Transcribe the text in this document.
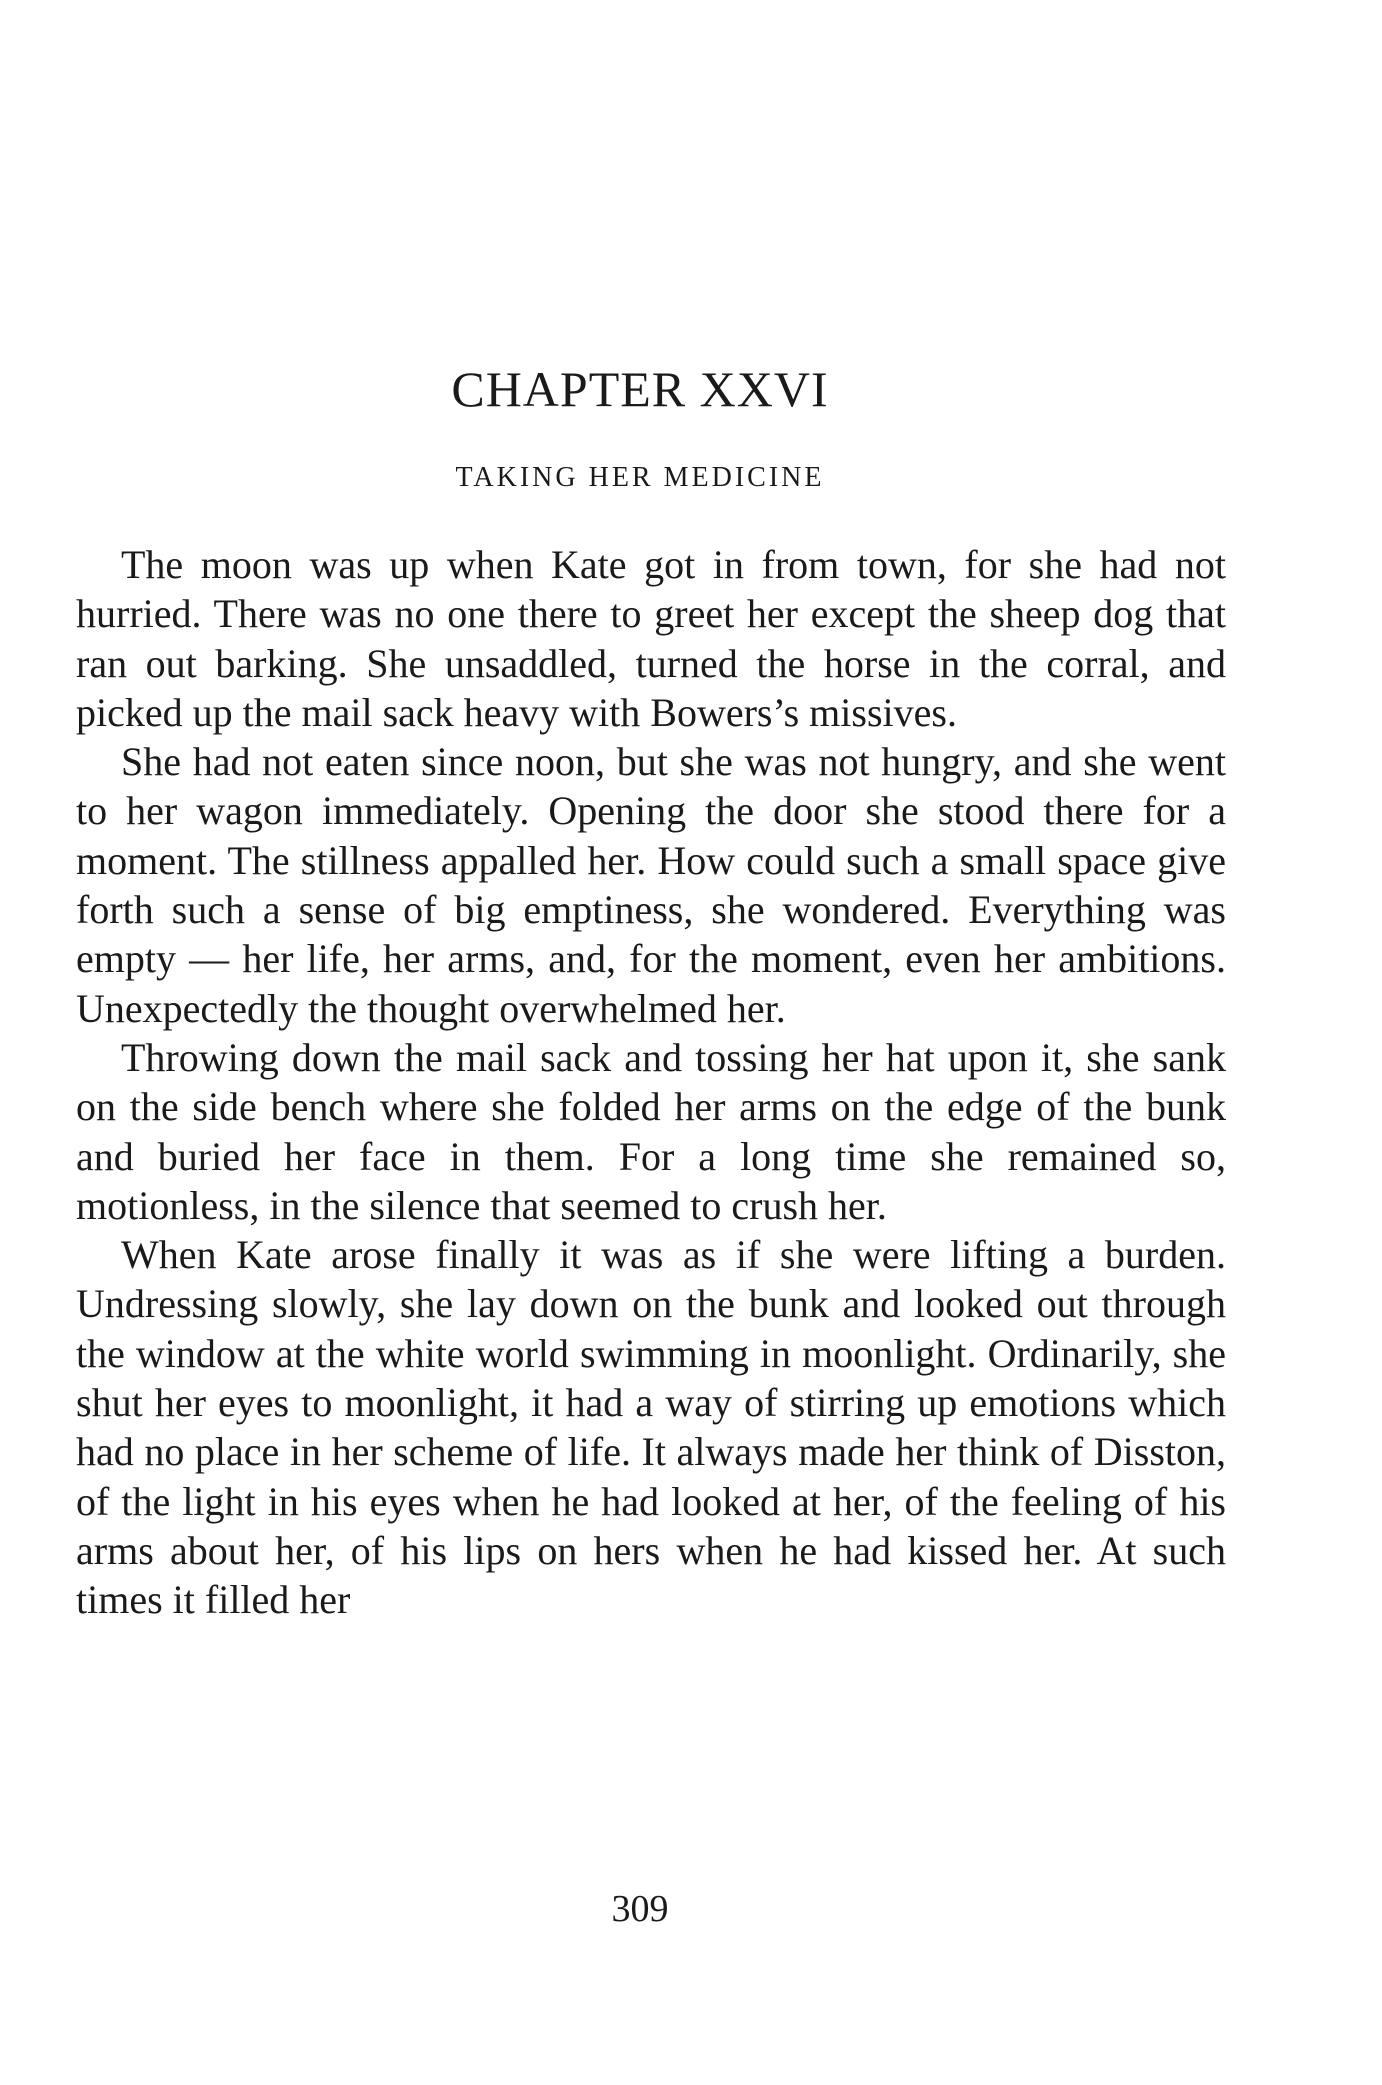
CHAPTER XXVI
TAKING HER MEDICINE

The moon was up when Kate got in from town, for she had not hurried. There was no one there to greet her except the sheep dog that ran out barking. She unsaddled, turned the horse in the corral, and picked up the mail sack heavy with Bowers’s missives.

She had not eaten since noon, but she was not hungry, and she went to her wagon immediately. Opening the door she stood there for a moment. The stillness appalled her. How could such a small space give forth such a sense of big emptiness, she wondered. Everything was empty — her life, her arms, and, for the moment, even her ambitions. Unexpectedly the thought overwhelmed her.

Throwing down the mail sack and tossing her hat upon it, she sank on the side bench where she folded her arms on the edge of the bunk and buried her face in them. For a long time she remained so, motionless, in the silence that seemed to crush her.

When Kate arose finally it was as if she were lifting a burden. Undressing slowly, she lay down on the bunk and looked out through the window at the white world swimming in moonlight. Ordinarily, she shut her eyes to moonlight, it had a way of stirring up emotions which had no place in her scheme of life. It always made her think of Disston, of the light in his eyes when he had looked at her, of the feeling of his arms about her, of his lips on hers when he had kissed her. At such times it filled her

309
